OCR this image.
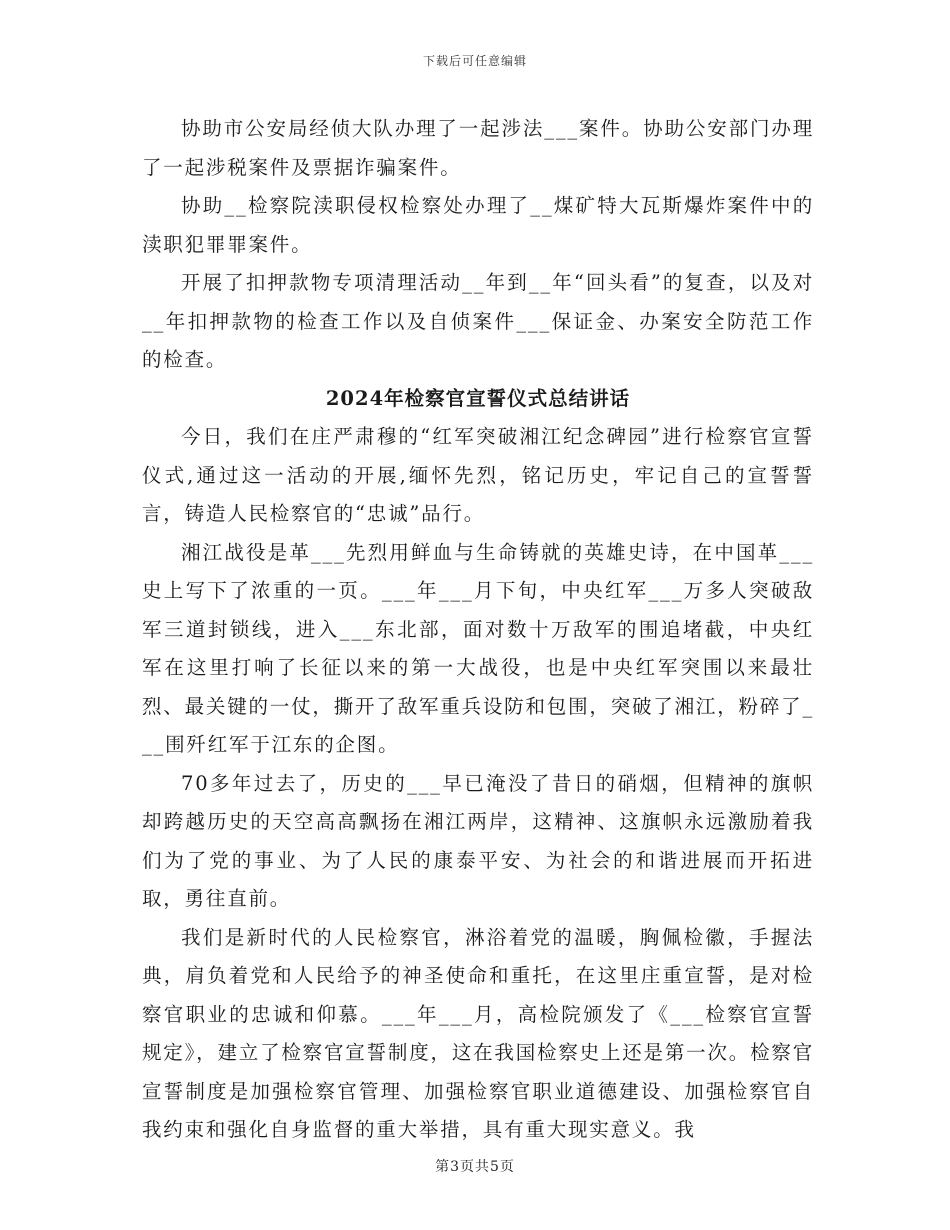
下载后可任意编辑

协助市公安局经侦大队办理了一起涉法___案件。协助公安部门办理了一起涉税案件及票据诈骗案件。

协助__检察院渎职侵权检察处办理了__煤矿特大瓦斯爆炸案件中的渎职犯罪罪案件。

开展了扣押款物专项清理活动__年到__年“回头看”的复查，以及对__年扣押款物的检查工作以及自侦案件___保证金、办案安全防范工作的检查。

2024年检察官宣誓仪式总结讲话

今日，我们在庄严肃穆的“红军突破湘江纪念碑园”进行检察官宣誓仪式,通过这一活动的开展,缅怀先烈，铭记历史，牢记自己的宣誓誓言，铸造人民检察官的“忠诚”品行。

湘江战役是革___先烈用鲜血与生命铸就的英雄史诗，在中国革___史上写下了浓重的一页。___年___月下旬，中央红军___万多人突破敌军三道封锁线，进入___东北部，面对数十万敌军的围追堵截，中央红军在这里打响了长征以来的第一大战役，也是中央红军突围以来最壮烈、最关键的一仗，撕开了敌军重兵设防和包围，突破了湘江，粉碎了___围歼红军于江东的企图。

70多年过去了，历史的___早已淹没了昔日的硝烟，但精神的旗帜却跨越历史的天空高高飘扬在湘江两岸，这精神、这旗帜永远激励着我们为了党的事业、为了人民的康泰平安、为社会的和谐进展而开拓进取，勇往直前。

我们是新时代的人民检察官，淋浴着党的温暖，胸佩检徽，手握法典，肩负着党和人民给予的神圣使命和重托，在这里庄重宣誓，是对检察官职业的忠诚和仰慕。___年___月，高检院颁发了《___检察官宣誓规定》，建立了检察官宣誓制度，这在我国检察史上还是第一次。检察官宣誓制度是加强检察官管理、加强检察官职业道德建设、加强检察官自我约束和强化自身监督的重大举措，具有重大现实意义。我

第3页共5页
